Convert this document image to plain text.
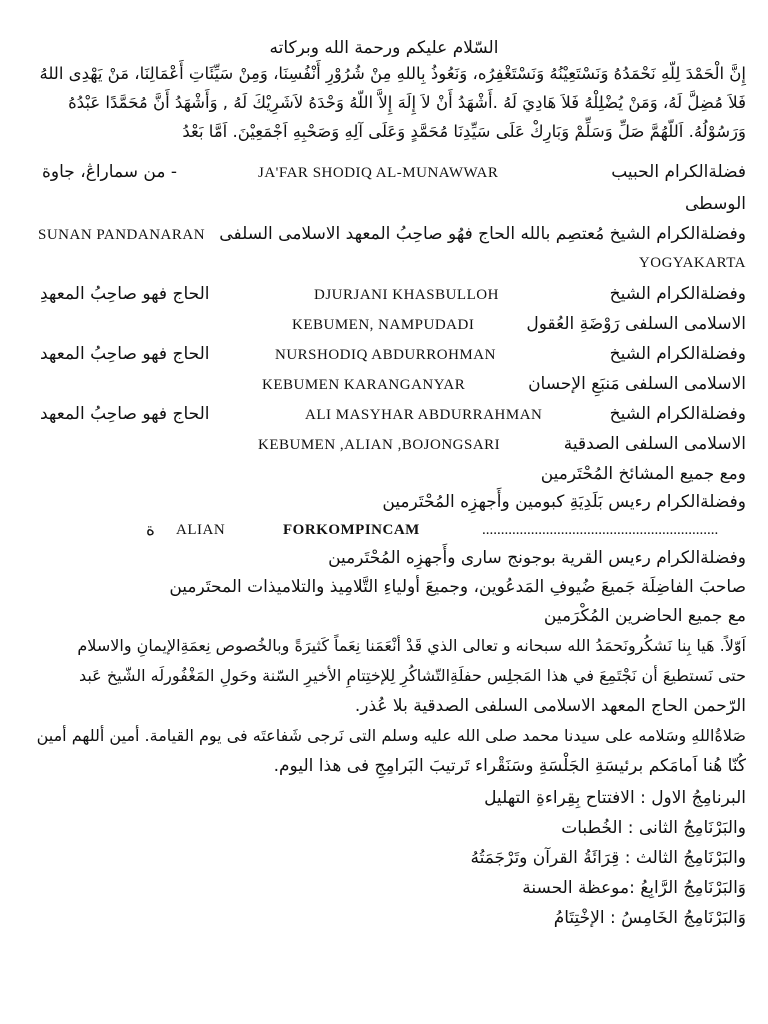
السّلام عليكم ورحمة الله وبركاته
إِنَّ الْحَمْدَ لِلّهِ نَحْمَدُهُ وَنَسْتَعِيْنُهُ وَنَسْتَغْفِرُه، وَنَعُوذُ بِاللهِ مِنْ شُرُوْرِ أَنْفُسِنَا، وَمِنْ سَيِّئَاتِ أَعْمَالِنَا، مَنْ يَهْدِى اللهُ
فَلاَ مُضِلَّ لَهُ، وَمَنْ يُضْلِلْهُ فَلاَ هَادِيَ لَهُ .أَشْهَدُ أَنْ لاَ إِلَهَ إِلاَّ اللّهُ وَحْدَهُ لاَشَرِيْكَ لَهُ , وَأَشْهَدُ أَنَّ مُحَمَّدًا عَبْدُهُ
وَرَسُوْلُهُ. اَللّهُمَّ صَلِّ وَسَلِّمْ وَبَارِكْ عَلَى سَيِّدِنَا مُحَمَّدٍ وَعَلَى آلِهِ وَصَحْبِهِ اَجْمَعِيْنَ. اَمَّا بَعْدُ
فضلةالكرام الحبيب
JA'FAR SHODIQ AL-MUNAWWAR
- من سماراڠ، جاوة
الوسطى
وفضلةالكرام الشيخ مُعتصِم بالله الحاج فهُو صاحِبُ المعهد الاسلامى السلفى
SUNAN PANDANARAN
YOGYAKARTA
وفضلةالكرام الشيخ
DJURJANI KHASBULLOH
الحاج فهو صاحِبُ المعهدِ
الاسلامى السلفى رَوْضَةِ العُقول
KEBUMEN, NAMPUDADI
وفضلةالكرام الشيخ
NURSHODIQ ABDURROHMAN
الحاج فهو صاحِبُ المعهد
الاسلامى السلفى مَنبَعِ الإحسان
KEBUMEN KARANGANYAR
وفضلةالكرام الشيخ
ALI MASYHAR ABDURRAHMAN
الحاج فهو صاحِبُ المعهد
الاسلامى السلفى الصدقية
KEBUMEN ,ALIAN ,BOJONGSARI
ومع جميع المشائخ المُحْتَرمين
وفضلةالكرام رءيس بَلَدِيَةِ كبومين وأَجهزِه المُحْتَرمين
ة ALIAN	FORKOMPINCAM	...............................................................
وفضلةالكرام رءيس القرية بوجونج سارى وأَجهزِه المُحْتَرمين
صاحبَ الفاضِلَة جَميعَ ضُيوفِ المَدعُوين، وجميعَ أولياءِ التَّلامِيذ والتلاميذات المحتَرمين
مع جميع الحاضرين المُكْرَمين
اَوّلاً. هَيا بِنا نَشكُرونَحمَدُ الله سبحانه و تعالى الذي قَدْ أنْعَمَنا نِعَماً كَثيرَةً وبالخُصوص نِعمَةِالإيمانِ والاسلام
حتى نَستطيعَ أن نَجْتَمِعَ في هذا المَجلِس حفلَةِالتّشاكُرِ لِلإختِتامِ الأخيرِ السّنة وحَولِ المَغْفُورلَه الشّيخ عَبد
الرّحمن الحاج المعهد الاسلامى السلفى الصدقية بلا عُذر.
صَلاةُاللهِ وسَلامه على سيدنا محمد صلى الله عليه وسلم التى نَرجى شَفاعتَه فى يوم القيامة. أمين أللهم أمين
كُنّا هُنا اَمامَكم برئيسَةِ الجَلْسَةِ وسَنَقْراء تَرتيبَ البَرامِجِ فى هذا اليوم.
البرنامِجُ الاول : الافتتاح بِقِراءةِ التهليل
والبَرْنَامِجُ الثانى : الخُطبات
والبَرْنَامِجُ الثالث : قِرَائَةُ القرآن وتَرْجَمَتُهُ
وَالبَرْنَامِجُ الرَّابِعُ :موعظة الحسنة
وَالبَرْنَامِجُ الخَامِسُ : الإخْتِتَامُ
